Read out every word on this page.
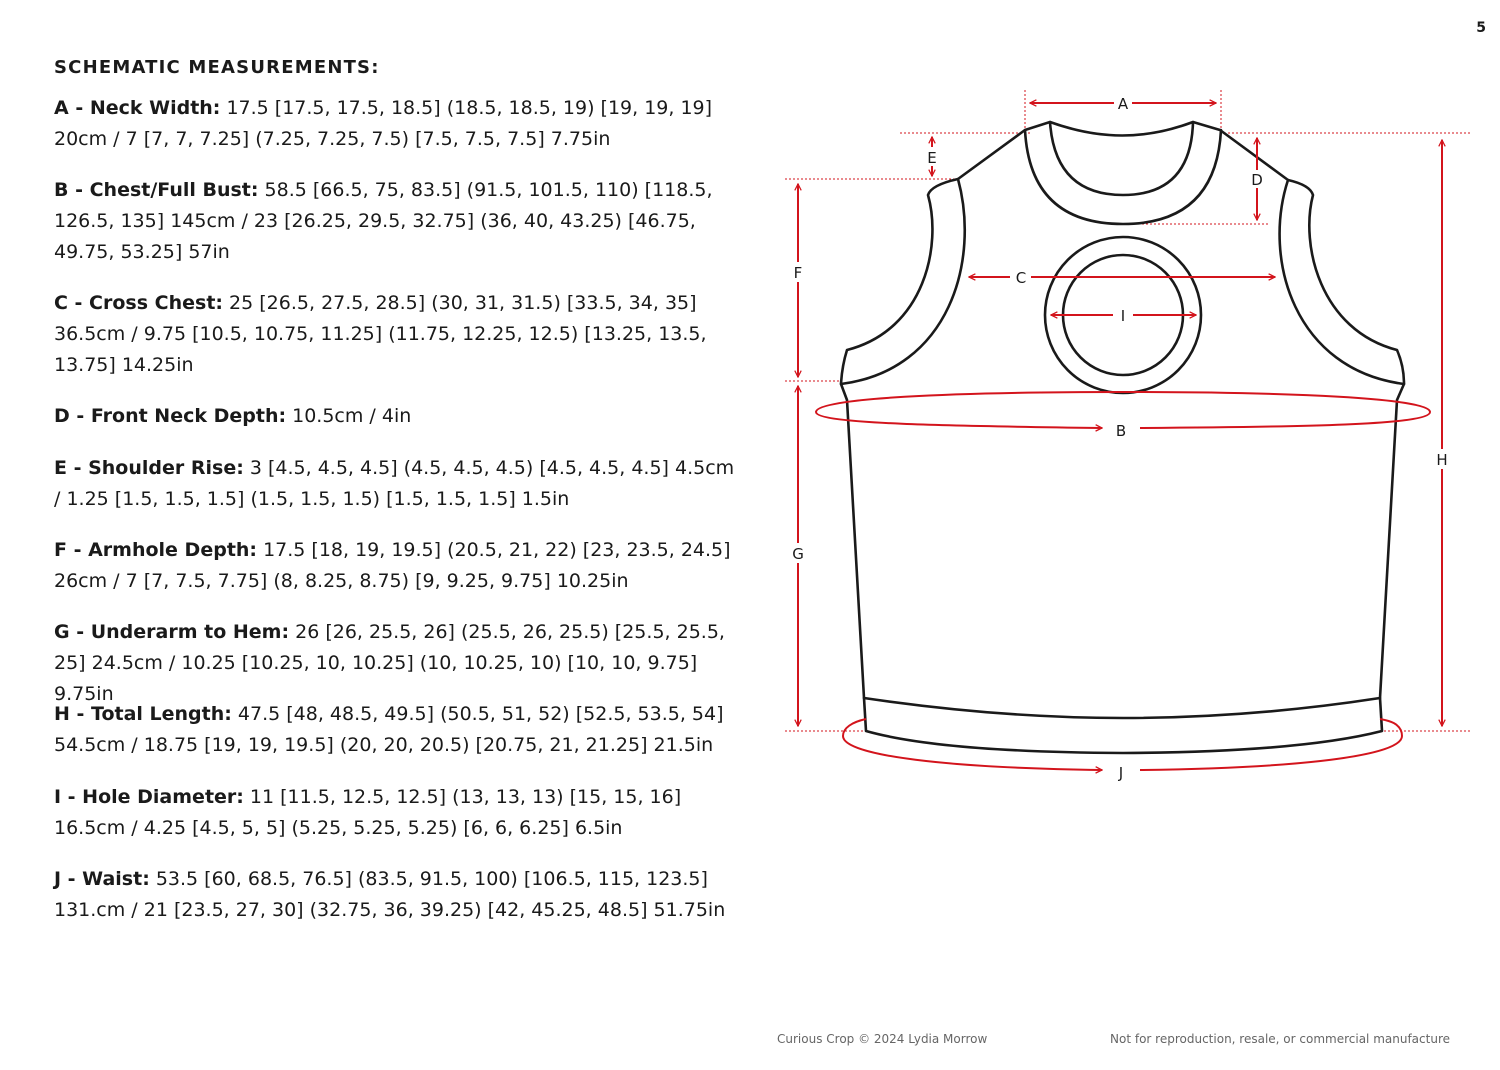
5
SCHEMATIC MEASUREMENTS:

A - Neck Width: 17.5 [17.5, 17.5, 18.5] (18.5, 18.5, 19) [19, 19, 19] 20cm / 7 [7, 7, 7.25] (7.25, 7.25, 7.5) [7.5, 7.5, 7.5] 7.75in

B - Chest/Full Bust: 58.5 [66.5, 75, 83.5] (91.5, 101.5, 110) [118.5, 126.5, 135] 145cm / 23 [26.25, 29.5, 32.75] (36, 40, 43.25) [46.75, 49.75, 53.25] 57in

C - Cross Chest: 25 [26.5, 27.5, 28.5] (30, 31, 31.5) [33.5, 34, 35] 36.5cm / 9.75 [10.5, 10.75, 11.25] (11.75, 12.25, 12.5) [13.25, 13.5, 13.75] 14.25in

D - Front Neck Depth: 10.5cm / 4in

E - Shoulder Rise: 3 [4.5, 4.5, 4.5] (4.5, 4.5, 4.5) [4.5, 4.5, 4.5] 4.5cm / 1.25 [1.5, 1.5, 1.5] (1.5, 1.5, 1.5) [1.5, 1.5, 1.5] 1.5in

F - Armhole Depth: 17.5 [18, 19, 19.5] (20.5, 21, 22) [23, 23.5, 24.5] 26cm / 7 [7, 7.5, 7.75] (8, 8.25, 8.75) [9, 9.25, 9.75] 10.25in

G - Underarm to Hem: 26 [26, 25.5, 26] (25.5, 26, 25.5) [25.5, 25.5, 25] 24.5cm / 10.25 [10.25, 10, 10.25] (10, 10.25, 10) [10, 10, 9.75] 9.75in

H - Total Length: 47.5 [48, 48.5, 49.5] (50.5, 51, 52) [52.5, 53.5, 54] 54.5cm / 18.75 [19, 19, 19.5] (20, 20, 20.5) [20.75, 21, 21.25] 21.5in

I - Hole Diameter: 11 [11.5, 12.5, 12.5] (13, 13, 13) [15, 15, 16] 16.5cm / 4.25 [4.5, 5, 5] (5.25, 5.25, 5.25) [6, 6, 6.25] 6.5in

J - Waist: 53.5 [60, 68.5, 76.5] (83.5, 91.5, 100) [106.5, 115, 123.5] 131.cm / 21 [23.5, 27, 30] (32.75, 36, 39.25) [42, 45.25, 48.5] 51.75in

A
E
D
F
G
H
C
I
B
J
Curious Crop © 2024 Lydia Morrow	Not for reproduction, resale, or commercial manufacture
